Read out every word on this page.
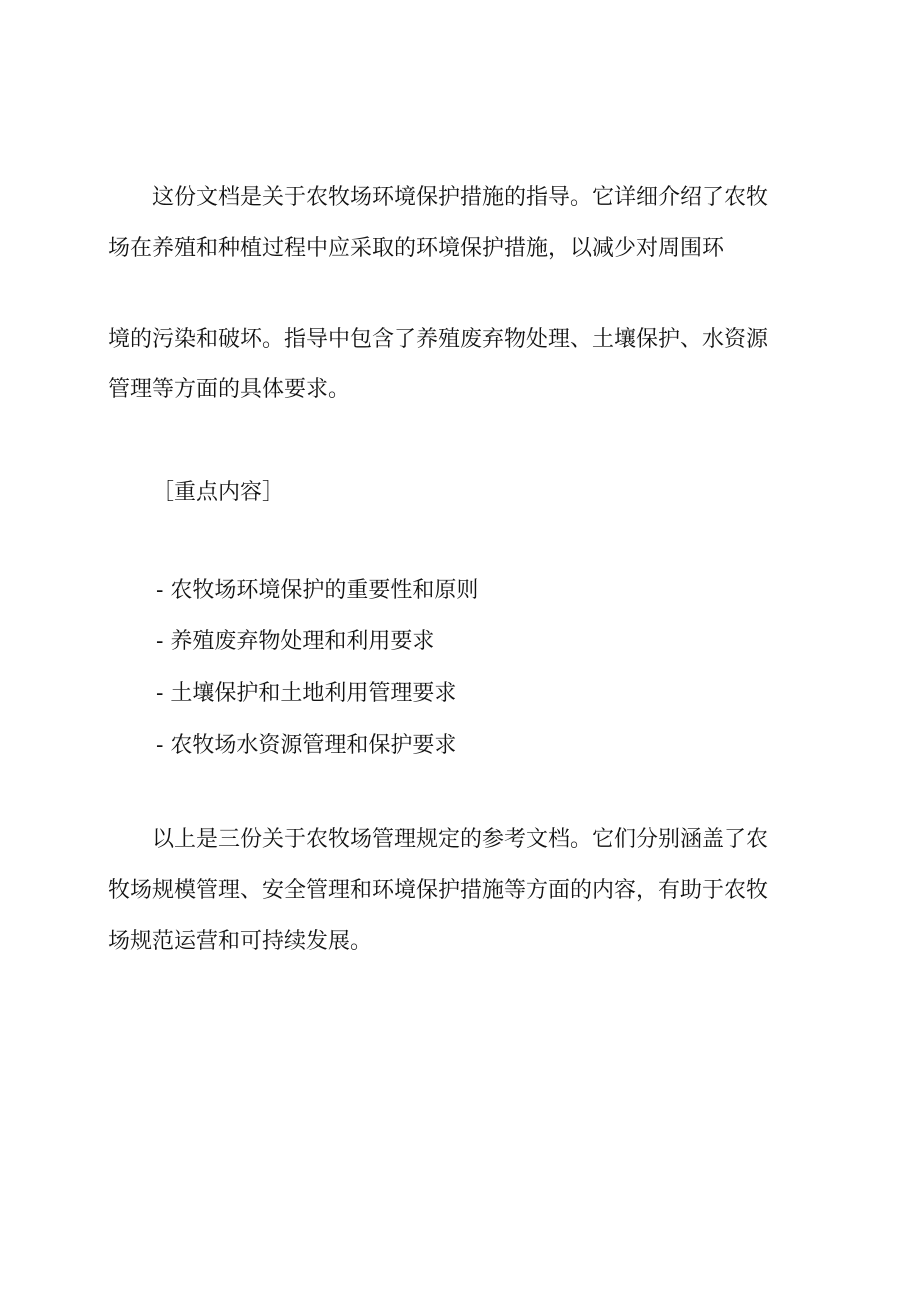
这份文档是关于农牧场环境保护措施的指导。它详细介绍了农牧
场在养殖和种植过程中应采取的环境保护措施，以减少对周围环
境的污染和破坏。指导中包含了养殖废弃物处理、土壤保护、水资源
管理等方面的具体要求。
［重点内容］
- 农牧场环境保护的重要性和原则
- 养殖废弃物处理和利用要求
- 土壤保护和土地利用管理要求
- 农牧场水资源管理和保护要求
以上是三份关于农牧场管理规定的参考文档。它们分别涵盖了农
牧场规模管理、安全管理和环境保护措施等方面的内容，有助于农牧
场规范运营和可持续发展。
